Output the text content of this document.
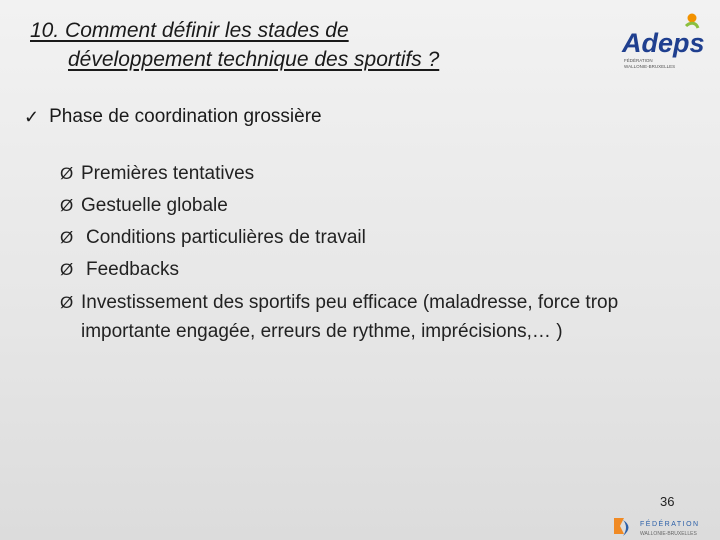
10. Comment définir les stades de
développement technique des sportifs ?
Adeps
FÉDÉRATION
WALLONIE-BRUXELLES
✓ Phase de coordination grossière
Ø Premières tentatives
Ø Gestuelle globale
Ø Conditions particulières de travail
Ø Feedbacks
Ø Investissement des sportifs peu efficace (maladresse, force trop importante engagée, erreurs de rythme, imprécisions,… )
36
FÉDÉRATION
WALLONIE-BRUXELLES
